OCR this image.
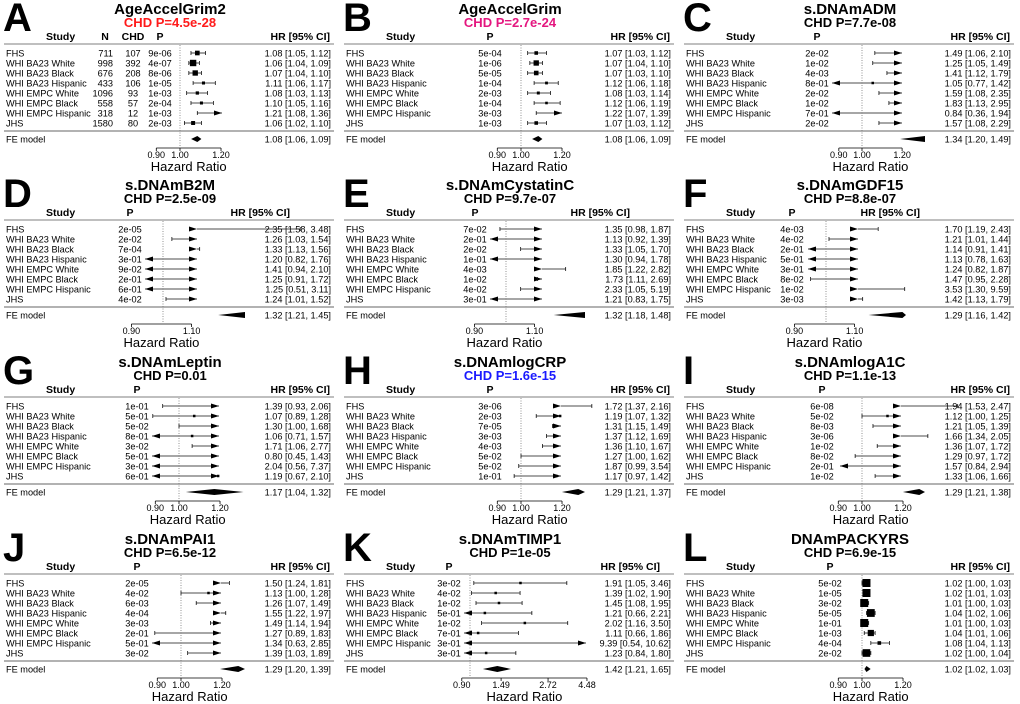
A	AgeAccelGrim2
CHD P=4.5e-28
Study N CHD P	HR [95% CI]
FHS	711 107 9e-06	1.08 [1.05, 1.12]
WHI BA23 White 998 392 4e-07	1.06 [1.04, 1.09]
WHI BA23 Black	676 208 8e-06	1.07 [1.04, 1.10]
WHI BA23 Hispanic 433 106 1e-05	1.11 [1.06, 1.17]
WHI EMPC White 1096 93 1e-03	1.08 [1.03, 1.13]
WHI EMPC Black 558 57 2e-04	1.10 [1.05, 1.16]
WHI EMPC Hispanic 318 12 1e-03	1.21 [1.08, 1.36]
JHS	1580 80 2e-03	1.06 [1.02, 1.10]
FE model	1.08 [1.06, 1.09]
0.90 1.00	1.20
Hazard Ratio
B	AgeAccelGrim
CHD P=2.7e-24
Study	P	HR [95% CI]
FHS	5e-04	1.07 [1.03, 1.12]
WHI BA23 White	1e-06	1.07 [1.04, 1.10]
WHI BA23 Black	5e-05	1.07 [1.03, 1.10]
WHI BA23 Hispanic	1e-04	1.12 [1.06, 1.18]
WHI EMPC White	2e-03	1.08 [1.03, 1.14]
WHI EMPC Black	1e-04	1.12 [1.06, 1.19]
WHI EMPC Hispanic	3e-03	1.22 [1.07, 1.39]
JHS	1e-03	1.07 [1.03, 1.12]
FE model	1.08 [1.06, 1.09]
0.90 1.00	1.20
Hazard Ratio
C	s.DNAmADM
CHD P=7.7e-08
Study	P	HR [95% CI]
FHS	2e-02	1.49 [1.06, 2.10]
WHI BA23 White	1e-02	1.25 [1.05, 1.49]
WHI BA23 Black	4e-03	1.41 [1.12, 1.79]
WHI BA23 Hispanic	8e-01	1.05 [0.77, 1.42]
WHI EMPC White	2e-02	1.59 [1.08, 2.35]
WHI EMPC Black	1e-02	1.83 [1.13, 2.95]
WHI EMPC Hispanic	7e-01	0.84 [0.36, 1.94]
JHS	2e-02	1.57 [1.08, 2.29]
FE model	1.34 [1.20, 1.49]
0.90 1.00	1.20
Hazard Ratio
D	s.DNAmB2M
CHD P=2.5e-09
Study	P	HR [95% CI]
FHS	2e-05	2.35 [1.58, 3.48]
WHI BA23 White	2e-02	1.26 [1.03, 1.54]
WHI BA23 Black	7e-04	1.33 [1.13, 1.56]
WHI BA23 Hispanic	3e-01	1.20 [0.82, 1.76]
WHI EMPC White	9e-02	1.41 [0.94, 2.10]
WHI EMPC Black	2e-01	1.25 [0.91, 1.72]
WHI EMPC Hispanic	6e-01	1.25 [0.51, 3.11]
JHS	4e-02	1.24 [1.01, 1.52]
FE model	1.32 [1.21, 1.45]
0.90	1.10
Hazard Ratio
E	s.DNAmCystatinC
CHD P=9.7e-07
Study	P	HR [95% CI]
FHS	7e-02	1.35 [0.98, 1.87]
WHI BA23 White	2e-01	1.13 [0.92, 1.39]
WHI BA23 Black	2e-02	1.33 [1.05, 1.70]
WHI BA23 Hispanic	1e-01	1.30 [0.94, 1.78]
WHI EMPC White	4e-03	1.85 [1.22, 2.82]
WHI EMPC Black	1e-02	1.73 [1.11, 2.69]
WHI EMPC Hispanic	4e-02	2.33 [1.05, 5.19]
JHS	3e-01	1.21 [0.83, 1.75]
FE model	1.32 [1.18, 1.48]
0.90	1.10
Hazard Ratio
F	s.DNAmGDF15
CHD P=8.8e-07
Study	P	HR [95% CI]
FHS	4e-03	1.70 [1.19, 2.43]
WHI BA23 White	4e-02	1.21 [1.01, 1.44]
WHI BA23 Black	2e-01	1.14 [0.91, 1.41]
WHI BA23 Hispanic 5e-01	1.13 [0.78, 1.63]
WHI EMPC White 3e-01	1.24 [0.82, 1.87]
WHI EMPC Black 8e-02	1.47 [0.95, 2.28]
WHI EMPC Hispanic 1e-02	3.53 [1.30, 9.59]
JHS	3e-03	1.42 [1.13, 1.79]
FE model	1.29 [1.16, 1.42]
0.90	1.10
Hazard Ratio
G	s.DNAmLeptin
CHD P=0.01
Study	P	HR [95% CI]
FHS	1e-01	1.39 [0.93, 2.06]
WHI BA23 White	5e-01	1.07 [0.89, 1.28]
WHI BA23 Black	5e-02	1.30 [1.00, 1.68]
WHI BA23 Hispanic	8e-01	1.06 [0.71, 1.57]
WHI EMPC White	3e-02	1.71 [1.06, 2.77]
WHI EMPC Black	5e-01	0.80 [0.45, 1.43]
WHI EMPC Hispanic	3e-01	2.04 [0.56, 7.37]
JHS	6e-01	1.19 [0.67, 2.10]
FE model	1.17 [1.04, 1.32]
0.90 1.00	1.20
Hazard Ratio
H	s.DNAmlogCRP
CHD P=1.6e-15
Study	P	HR [95% CI]
FHS	3e-06	1.72 [1.37, 2.16]
WHI BA23 White	2e-03	1.19 [1.07, 1.32]
WHI BA23 Black	7e-05	1.31 [1.15, 1.49]
WHI BA23 Hispanic	3e-03	1.37 [1.12, 1.69]
WHI EMPC White	4e-03	1.36 [1.10, 1.67]
WHI EMPC Black	5e-02	1.27 [1.00, 1.62]
WHI EMPC Hispanic	5e-02	1.87 [0.99, 3.54]
JHS	1e-01	1.17 [0.97, 1.42]
FE model	1.29 [1.21, 1.37]
0.90 1.00	1.20
Hazard Ratio
I	s.DNAmlogA1C
CHD P=1.1e-13
Study	P	HR [95% CI]
FHS	6e-08	1.94 [1.53, 2.47]
WHI BA23 White	5e-02	1.12 [1.00, 1.25]
WHI BA23 Black	8e-03	1.21 [1.05, 1.39]
WHI BA23 Hispanic	3e-06	1.66 [1.34, 2.05]
WHI EMPC White	1e-02	1.36 [1.07, 1.72]
WHI EMPC Black	8e-02	1.29 [0.97, 1.72]
WHI EMPC Hispanic	2e-01	1.57 [0.84, 2.94]
JHS	1e-02	1.33 [1.06, 1.66]
FE model	1.29 [1.21, 1.38]
0.90 1.00	1.20
Hazard Ratio
J	s.DNAmPAI1
CHD P=6.5e-12
Study	P	HR [95% CI]
FHS	2e-05	1.50 [1.24, 1.81]
WHI BA23 White	4e-02	1.13 [1.00, 1.28]
WHI BA23 Black	6e-03	1.26 [1.07, 1.49]
WHI BA23 Hispanic	4e-04	1.55 [1.22, 1.97]
WHI EMPC White	3e-03	1.49 [1.14, 1.94]
WHI EMPC Black	2e-01	1.27 [0.89, 1.83]
WHI EMPC Hispanic	5e-01	1.34 [0.63, 2.85]
JHS	3e-02	1.39 [1.03, 1.89]
FE model	1.29 [1.20, 1.39]
0.90 1.00	1.20
Hazard Ratio
K	s.DNAmTIMP1
CHD P=1e-05
Study	P	HR [95% CI]
FHS	3e-02	1.91 [1.05, 3.46]
WHI BA23 White 4e-02	1.39 [1.02, 1.90]
WHI BA23 Black	1e-02	1.45 [1.08, 1.95]
WHI BA23 Hispanic 5e-01	1.21 [0.66, 2.21]
WHI EMPC White 1e-02	2.02 [1.16, 3.50]
WHI EMPC Black 7e-01	1.11 [0.66, 1.86]
WHI EMPC Hispanic 3e-01	9.39 [0.54, 10.62]
JHS	3e-01	1.23 [0.84, 1.80]
FE model	1.42 [1.21, 1.65]
0.90 1.49	2.72 4.48
Hazard Ratio
L	DNAmPACKYRS
CHD P=6.9e-15
Study	P	HR [95% CI]
FHS	5e-02	1.02 [1.00, 1.03]
WHI BA23 White	1e-05	1.02 [1.01, 1.03]
WHI BA23 Black	3e-02	1.01 [1.00, 1.03]
WHI BA23 Hispanic	5e-05	1.04 [1.02, 1.06]
WHI EMPC White	1e-01	1.01 [1.00, 1.03]
WHI EMPC Black	1e-03	1.04 [1.01, 1.06]
WHI EMPC Hispanic	4e-04	1.08 [1.04, 1.13]
JHS	2e-02	1.02 [1.00, 1.04]
FE model	1.02 [1.02, 1.03]
0.90 1.00	1.20
Hazard Ratio
